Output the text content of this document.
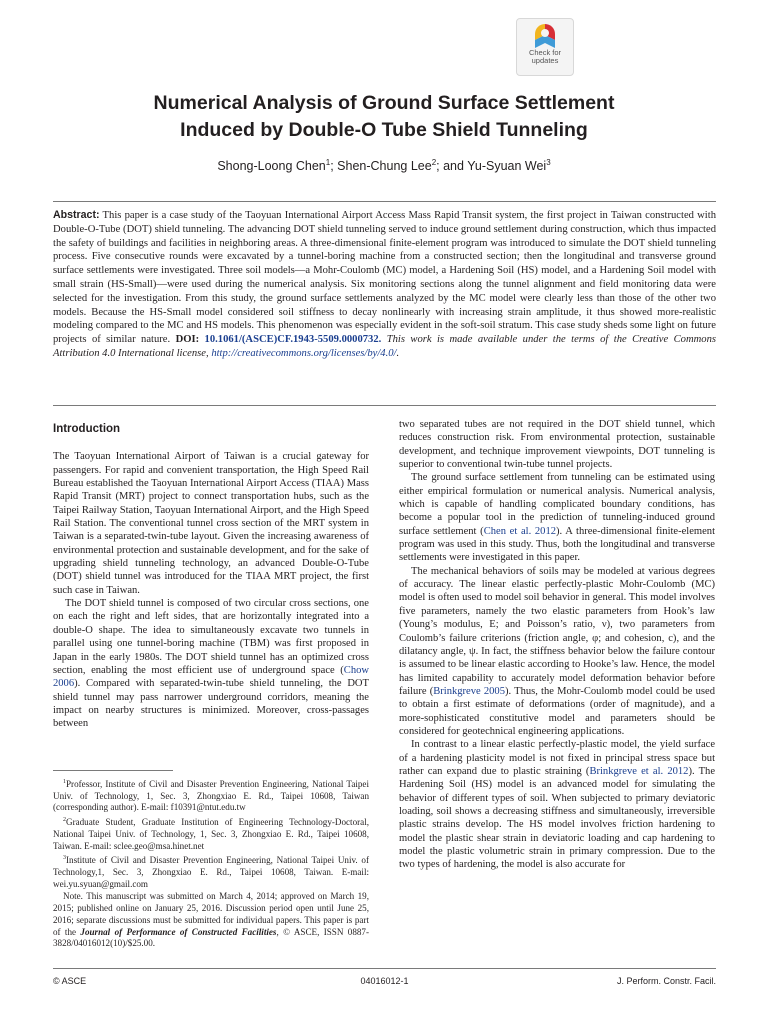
Check for
updates
Numerical Analysis of Ground Surface Settlement
Induced by Double-O Tube Shield Tunneling
Shong-Loong Chen$^1$; Shen-Chung Lee$^2$; and Yu-Syuan Wei$^3$
Abstract: This paper is a case study of the Taoyuan International Airport Access Mass Rapid Transit system, the first project in Taiwan constructed with Double-O-Tube (DOT) shield tunneling. The advancing DOT shield tunneling served to induce ground settlement during construction, which thus impacted the safety of buildings and facilities in neighboring areas. A three-dimensional finite-element program was introduced to simulate the DOT shield tunneling process. Five consecutive rounds were excavated by a tunnel-boring machine from a constructed section; then the longitudinal and transverse ground surface settlements were investigated. Three soil models—a Mohr-Coulomb (MC) model, a Hardening Soil (HS) model, and a Hardening Soil model with small strain (HS-Small)—were used during the numerical analysis. Six monitoring sections along the tunnel alignment and field monitoring data were selected for the investigation. From this study, the ground surface settlements analyzed by the MC model were clearly less than those of the other two models. Because the HS-Small model considered soil stiffness to decay nonlinearly with increasing strain amplitude, it thus showed more-realistic modeling compared to the MC and HS models. This phenomenon was especially evident in the soft-soil stratum. This case study sheds some light on future projects of similar nature. DOI: 10.1061/(ASCE)CF.1943-5509.0000732. This work is made available under the terms of the Creative Commons Attribution 4.0 International license, http://creativecommons.org/licenses/by/4.0/.
Introduction

The Taoyuan International Airport of Taiwan is a crucial gateway for passengers. For rapid and convenient transportation, the High Speed Rail Bureau established the Taoyuan International Airport Access (TIAA) Mass Rapid Transit (MRT) project to connect transportation hubs, such as the Taipei Railway Station, Taoyuan International Airport, and the High Speed Rail Station. The conventional tunnel cross section of the MRT system in Taiwan is a separated-twin-tube layout. Given the increasing awareness of environmental protection and sustainable development, and for the sake of upgrading shield tunneling technology, an advanced Double-O-Tube (DOT) shield tunnel was introduced for the TIAA MRT project, the first such case in Taiwan.

The DOT shield tunnel is composed of two circular cross sections, one on each the right and left sides, that are horizontally integrated into a double-O shape. The idea to simultaneously excavate two tunnels in parallel using one tunnel-boring machine (TBM) was first proposed in Japan in the early 1980s. The DOT shield tunnel has an optimized cross section, enabling the most efficient use of underground space (Chow 2006). Compared with separated-twin-tube shield tunneling, the DOT shield tunnel may pass narrower underground corridors, meaning the impact on nearby structures is minimized. Moreover, cross-passages between

$^1$Professor, Institute of Civil and Disaster Prevention Engineering, National Taipei Univ. of Technology, 1, Sec. 3, Zhongxiao E. Rd., Taipei 10608, Taiwan (corresponding author). E-mail: f10391@ntut.edu.tw

$^2$Graduate Student, Graduate Institution of Engineering Technology-Doctoral, National Taipei Univ. of Technology, 1, Sec. 3, Zhongxiao E. Rd., Taipei 10608, Taiwan. E-mail: sclee.geo@msa.hinet.net

$^3$Institute of Civil and Disaster Prevention Engineering, National Taipei Univ. of Technology,1, Sec. 3, Zhongxiao E. Rd., Taipei 10608, Taiwan. E-mail: wei.yu.syuan@gmail.com

Note. This manuscript was submitted on March 4, 2014; approved on March 19, 2015; published online on January 25, 2016. Discussion period open until June 25, 2016; separate discussions must be submitted for individual papers. This paper is part of the Journal of Performance of Constructed Facilities, © ASCE, ISSN 0887-3828/04016012(10)/$25.00.

two separated tubes are not required in the DOT shield tunnel, which reduces construction risk. From environmental protection, sustainable development, and technique improvement viewpoints, DOT tunneling is superior to conventional twin-tube tunnel projects.

The ground surface settlement from tunneling can be estimated using either empirical formulation or numerical analysis. Numerical analysis, which is capable of handling complicated boundary conditions, has become a popular tool in the prediction of tunneling-induced ground surface settlement (Chen et al. 2012). A three-dimensional finite-element program was used in this study. Thus, both the longitudinal and transverse settlements were investigated in this paper.

The mechanical behaviors of soils may be modeled at various degrees of accuracy. The linear elastic perfectly-plastic Mohr-Coulomb (MC) model is often used to model soil behavior in general. This model involves five parameters, namely the two elastic parameters from Hook’s law (Young’s modulus, E; and Poisson’s ratio, ν), two parameters from Coulomb’s failure criterions (friction angle, φ; and cohesion, c), and the dilatancy angle, ψ. In fact, the stiffness behavior below the failure contour is assumed to be linear elastic according to Hooke’s law. Hence, the model has limited capability to accurately model deformation behavior before failure (Brinkgreve 2005). Thus, the Mohr-Coulomb model could be used to obtain a first estimate of deformations (order of magnitude), and a more-sophisticated constitutive model and parameters should be considered for geotechnical engineering applications.

In contrast to a linear elastic perfectly-plastic model, the yield surface of a hardening plasticity model is not fixed in principal stress space but rather can expand due to plastic straining (Brinkgreve et al. 2012). The Hardening Soil (HS) model is an advanced model for simulating the behavior of different types of soil. When subjected to primary deviatoric loading, soil shows a decreasing stiffness and simultaneously, irreversible plastic strains develop. The HS model involves friction hardening to model the plastic shear strain in deviatoric loading and cap hardening to model the plastic volumetric strain in primary compression. Due to the two types of hardening, the model is also accurate for

© ASCE	04016012-1	J. Perform. Constr. Facil.
